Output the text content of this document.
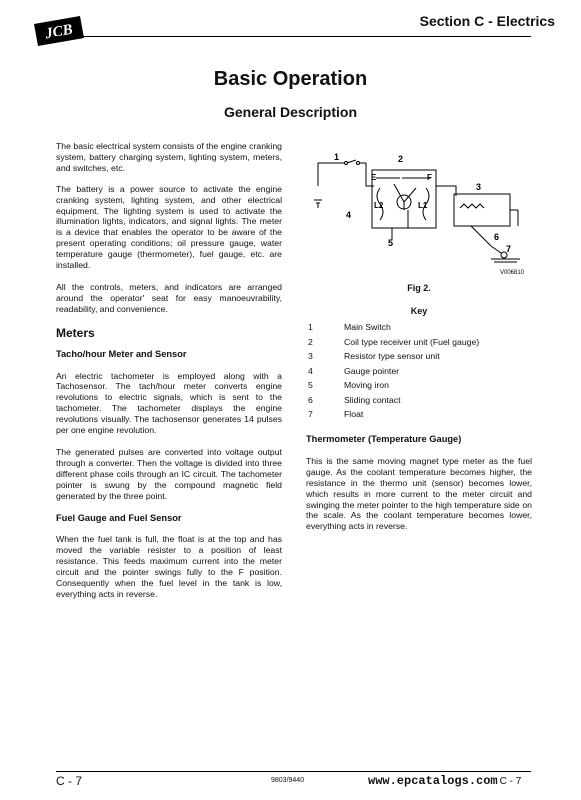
JCB
Section C - Electrics
Basic Operation
General Description

The basic electrical system consists of the engine cranking system, battery charging system, lighting system, meters, and switches, etc.

The battery is a power source to activate the engine cranking system, lighting system, and other electrical equipment. The lighting system is used to activate the illumination lights, indicators, and signal lights. The meter is a device that enables the operator to be aware of the present operating conditions; oil pressure gauge, water temperature gauge (thermometer), fuel gauge, etc. are installed.

All the controls, meters, and indicators are arranged around the operator' seat for easy manoeuvrability, readability, and convenience.

Meters
Tacho/hour Meter and Sensor

An electric tachometer is employed along with a Tachosensor. The tach/hour meter converts engine revolutions to electric signals, which is sent to the tachometer. The tachometer displays the engine revolutions visually. The tachosensor generates 14 pulses per one engine revolution.

The generated pulses are converted into voltage output through a converter. Then the voltage is divided into three different phase coils through an IC circuit. The tachometer pointer is swung by the compound magnetic field generated by the three point.

Fuel Gauge and Fuel Sensor

When the fuel tank is full, the float is at the top and has moved the variable resister to a position of least resistance. This feeds maximum current into the meter circuit and the pointer swings fully to the F position. Consequently when the fuel level in the tank is low, everything acts in reverse.

1	2
3
4
5
6
7
E	F
L2	L1
V006810
Fig 2.
Key
1	Main Switch
2	Coil type receiver unit (Fuel gauge)
3	Resistor type sensor unit
4	Gauge pointer
5	Moving iron
6	Sliding contact
7	Float
Thermometer (Temperature Gauge)

This is the same moving magnet type meter as the fuel gauge. As the coolant temperature becomes higher, the resistance in the thermo unit (sensor) becomes lower, which results in more current to the meter circuit and swinging the meter pointer to the high temperature side on the scale. As the coolant temperature becomes lower, everything acts in reverse.

C - 7	9803/9440	www.epcatalogs.com C - 7
